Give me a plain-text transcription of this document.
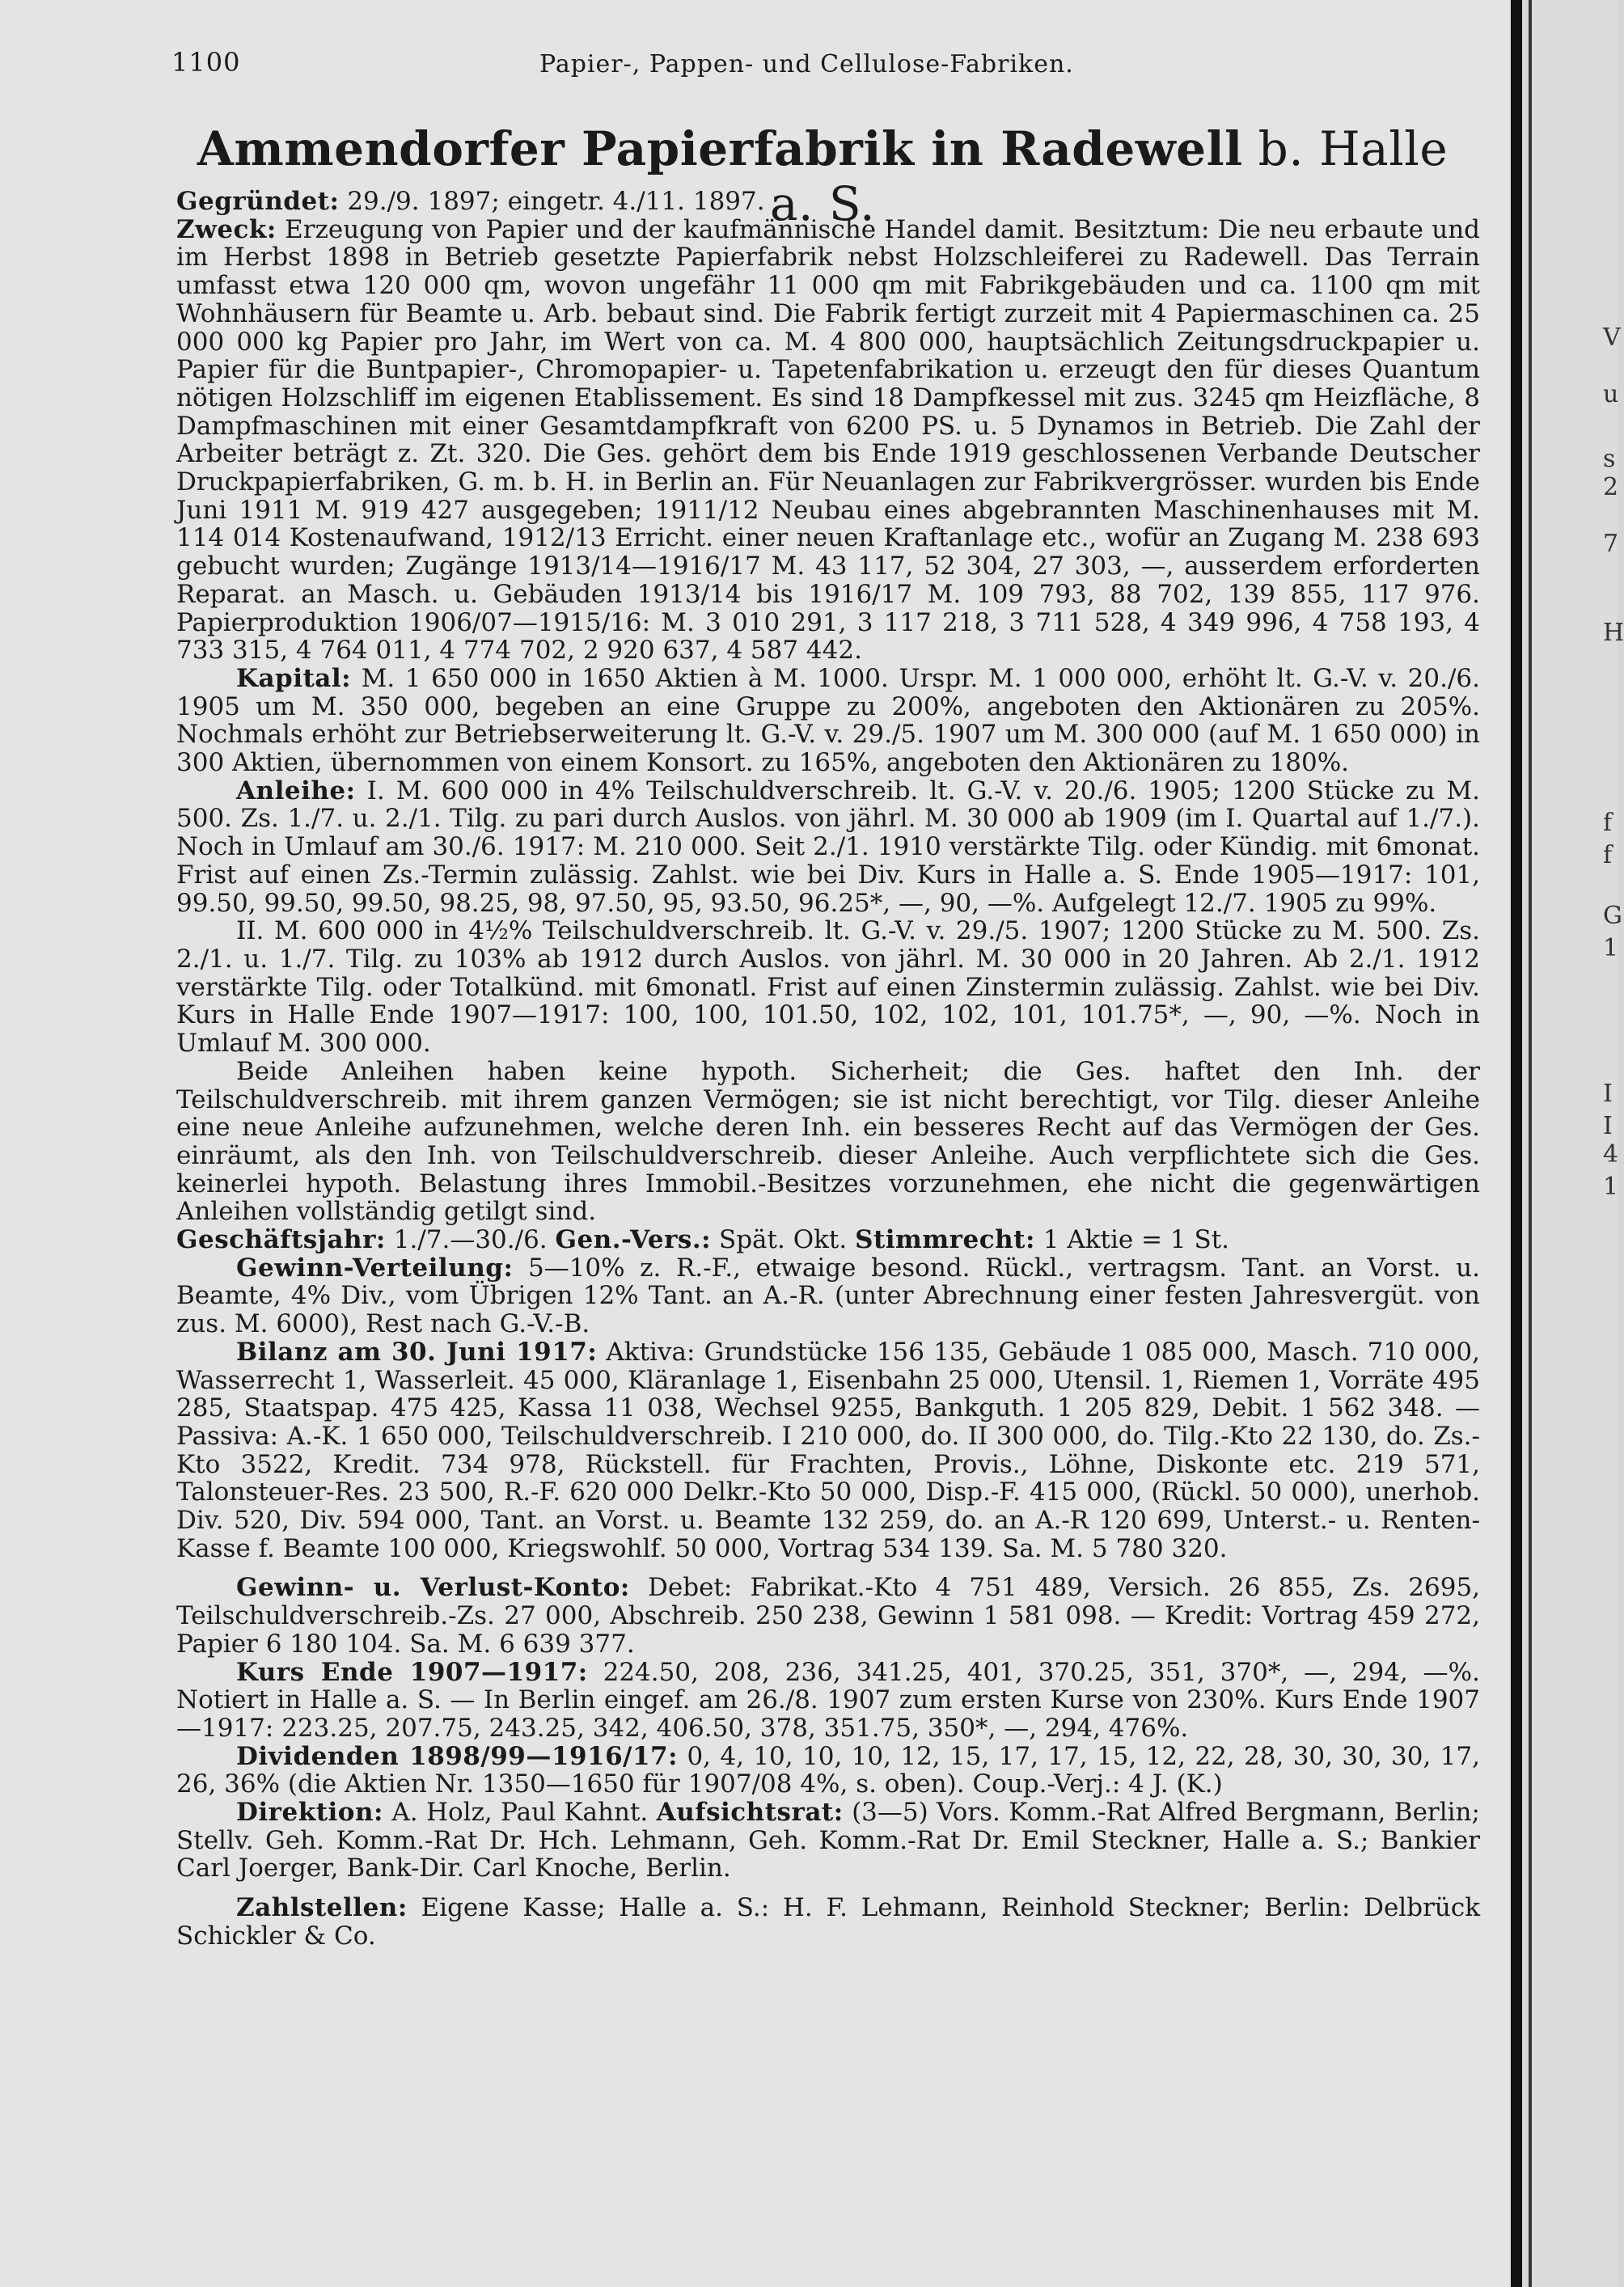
1100	Papier-, Pappen- und Cellulose-Fabriken.
Ammendorfer Papierfabrik in Radewell b. Halle a. S.

Gegründet: 29./9. 1897; eingetr. 4./11. 1897.

Zweck: Erzeugung von Papier und der kaufmännische Handel damit. Besitztum: Die neu erbaute und im Herbst 1898 in Betrieb gesetzte Papierfabrik nebst Holzschleiferei zu Radewell. Das Terrain umfasst etwa 120 000 qm, wovon ungefähr 11 000 qm mit Fabrikgebäuden und ca. 1100 qm mit Wohnhäusern für Beamte u. Arb. bebaut sind. Die Fabrik fertigt zurzeit mit 4 Papiermaschinen ca. 25 000 000 kg Papier pro Jahr, im Wert von ca. M. 4 800 000, hauptsächlich Zeitungsdruckpapier u. Papier für die Buntpapier-, Chromopapier- u. Tapetenfabrikation u. erzeugt den für dieses Quantum nötigen Holzschliff im eigenen Etablissement. Es sind 18 Dampfkessel mit zus. 3245 qm Heizfläche, 8 Dampfmaschinen mit einer Gesamtdampfkraft von 6200 PS. u. 5 Dynamos in Betrieb. Die Zahl der Arbeiter beträgt z. Zt. 320. Die Ges. gehört dem bis Ende 1919 geschlossenen Verbande Deutscher Druckpapierfabriken, G. m. b. H. in Berlin an. Für Neuanlagen zur Fabrikvergrösser. wurden bis Ende Juni 1911 M. 919 427 ausgegeben; 1911/12 Neubau eines abgebrannten Maschinenhauses mit M. 114 014 Kostenaufwand, 1912/13 Erricht. einer neuen Kraftanlage etc., wofür an Zugang M. 238 693 gebucht wurden; Zugänge 1913/14—1916/17 M. 43 117, 52 304, 27 303, —, ausserdem erforderten Reparat. an Masch. u. Gebäuden 1913/14 bis 1916/17 M. 109 793, 88 702, 139 855, 117 976. Papierproduktion 1906/07—1915/16: M. 3 010 291, 3 117 218, 3 711 528, 4 349 996, 4 758 193, 4 733 315, 4 764 011, 4 774 702, 2 920 637, 4 587 442.

Kapital: M. 1 650 000 in 1650 Aktien à M. 1000. Urspr. M. 1 000 000, erhöht lt. G.-V. v. 20./6. 1905 um M. 350 000, begeben an eine Gruppe zu 200%, angeboten den Aktionären zu 205%. Nochmals erhöht zur Betriebserweiterung lt. G.-V. v. 29./5. 1907 um M. 300 000 (auf M. 1 650 000) in 300 Aktien, übernommen von einem Konsort. zu 165%, angeboten den Aktionären zu 180%.

Anleihe: I. M. 600 000 in 4% Teilschuldverschreib. lt. G.-V. v. 20./6. 1905; 1200 Stücke zu M. 500. Zs. 1./7. u. 2./1. Tilg. zu pari durch Auslos. von jährl. M. 30 000 ab 1909 (im I. Quartal auf 1./7.). Noch in Umlauf am 30./6. 1917: M. 210 000. Seit 2./1. 1910 verstärkte Tilg. oder Kündig. mit 6monat. Frist auf einen Zs.-Termin zulässig. Zahlst. wie bei Div. Kurs in Halle a. S. Ende 1905—1917: 101, 99.50, 99.50, 99.50, 98.25, 98, 97.50, 95, 93.50, 96.25*, —, 90, —%. Aufgelegt 12./7. 1905 zu 99%.

II. M. 600 000 in 4½% Teilschuldverschreib. lt. G.-V. v. 29./5. 1907; 1200 Stücke zu M. 500. Zs. 2./1. u. 1./7. Tilg. zu 103% ab 1912 durch Auslos. von jährl. M. 30 000 in 20 Jahren. Ab 2./1. 1912 verstärkte Tilg. oder Totalkünd. mit 6monatl. Frist auf einen Zinstermin zulässig. Zahlst. wie bei Div. Kurs in Halle Ende 1907—1917: 100, 100, 101.50, 102, 102, 101, 101.75*, —, 90, —%. Noch in Umlauf M. 300 000.

Beide Anleihen haben keine hypoth. Sicherheit; die Ges. haftet den Inh. der Teilschuldverschreib. mit ihrem ganzen Vermögen; sie ist nicht berechtigt, vor Tilg. dieser Anleihe eine neue Anleihe aufzunehmen, welche deren Inh. ein besseres Recht auf das Vermögen der Ges. einräumt, als den Inh. von Teilschuldverschreib. dieser Anleihe. Auch verpflichtete sich die Ges. keinerlei hypoth. Belastung ihres Immobil.-Besitzes vorzunehmen, ehe nicht die gegenwärtigen Anleihen vollständig getilgt sind.

Geschäftsjahr: 1./7.—30./6. Gen.-Vers.: Spät. Okt. Stimmrecht: 1 Aktie = 1 St.

Gewinn-Verteilung: 5—10% z. R.-F., etwaige besond. Rückl., vertragsm. Tant. an Vorst. u. Beamte, 4% Div., vom Übrigen 12% Tant. an A.-R. (unter Abrechnung einer festen Jahresvergüt. von zus. M. 6000), Rest nach G.-V.-B.

Bilanz am 30. Juni 1917: Aktiva: Grundstücke 156 135, Gebäude 1 085 000, Masch. 710 000, Wasserrecht 1, Wasserleit. 45 000, Kläranlage 1, Eisenbahn 25 000, Utensil. 1, Riemen 1, Vorräte 495 285, Staatspap. 475 425, Kassa 11 038, Wechsel 9255, Bankguth. 1 205 829, Debit. 1 562 348. — Passiva: A.-K. 1 650 000, Teilschuldverschreib. I 210 000, do. II 300 000, do. Tilg.-Kto 22 130, do. Zs.-Kto 3522, Kredit. 734 978, Rückstell. für Frachten, Provis., Löhne, Diskonte etc. 219 571, Talonsteuer-Res. 23 500, R.-F. 620 000 Delkr.-Kto 50 000, Disp.-F. 415 000, (Rückl. 50 000), unerhob. Div. 520, Div. 594 000, Tant. an Vorst. u. Beamte 132 259, do. an A.-R 120 699, Unterst.- u. Renten-Kasse f. Beamte 100 000, Kriegswohlf. 50 000, Vortrag 534 139. Sa. M. 5 780 320.

Gewinn- u. Verlust-Konto: Debet: Fabrikat.-Kto 4 751 489, Versich. 26 855, Zs. 2695, Teilschuldverschreib.-Zs. 27 000, Abschreib. 250 238, Gewinn 1 581 098. — Kredit: Vortrag 459 272, Papier 6 180 104. Sa. M. 6 639 377.

Kurs Ende 1907—1917: 224.50, 208, 236, 341.25, 401, 370.25, 351, 370*, —, 294, —%. Notiert in Halle a. S. — In Berlin eingef. am 26./8. 1907 zum ersten Kurse von 230%. Kurs Ende 1907—1917: 223.25, 207.75, 243.25, 342, 406.50, 378, 351.75, 350*, —, 294, 476%.

Dividenden 1898/99—1916/17: 0, 4, 10, 10, 10, 12, 15, 17, 17, 15, 12, 22, 28, 30, 30, 30, 17, 26, 36% (die Aktien Nr. 1350—1650 für 1907/08 4%, s. oben). Coup.-Verj.: 4 J. (K.)

Direktion: A. Holz, Paul Kahnt. Aufsichtsrat: (3—5) Vors. Komm.-Rat Alfred Bergmann, Berlin; Stellv. Geh. Komm.-Rat Dr. Hch. Lehmann, Geh. Komm.-Rat Dr. Emil Steckner, Halle a. S.; Bankier Carl Joerger, Bank-Dir. Carl Knoche, Berlin.

Zahlstellen: Eigene Kasse; Halle a. S.: H. F. Lehmann, Reinhold Steckner; Berlin: Delbrück Schickler & Co.

V
u
s
2
7
H
f
f
G
1
I
I
4
1
